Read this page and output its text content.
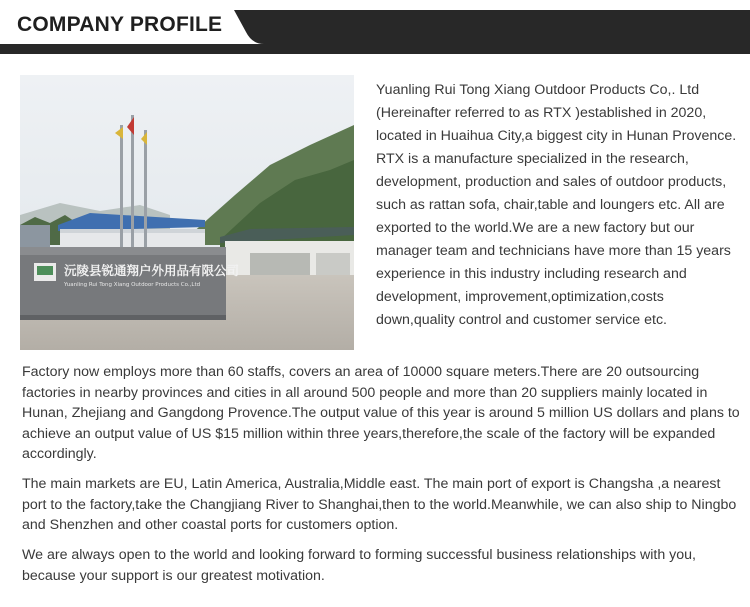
COMPANY PROFILE
沅陵县锐通翔户外用品有限公司
Yuanling Rui Tong Xiang Outdoor Products Co.,Ltd

Yuanling Rui Tong Xiang Outdoor Products Co,. Ltd (Hereinafter referred to as RTX )established in 2020, located in Huaihua City,a biggest city in Hunan Provence. RTX is a manufacture specialized in the research, development, production and sales of outdoor products, such as rattan sofa, chair,table and loungers etc. All are exported to the world.We are a new factory but our manager team and technicians have more than 15 years experience in this industry including research and development, improvement,optimization,costs down,quality control and customer service etc.

Factory now employs more than 60 staffs, covers an area of 10000 square meters.There are 20 outsourcing factories in nearby provinces and cities in all around 500 people and more than 20 suppliers mainly located in Hunan, Zhejiang and Gangdong Provence.The output value of this year is around 5 million US dollars and plans to achieve an output value of US $15 million within three years,therefore,the scale of the factory will be expanded accordingly.

The main markets are EU, Latin America, Australia,Middle east. The main port of export is Changsha ,a nearest port to the factory,take the Changjiang River to Shanghai,then to the world.Meanwhile, we can also ship to Ningbo and Shenzhen and other coastal ports for customers option.

We are always open to the world and looking forward to forming successful business relationships with you, because your support is our greatest motivation.
